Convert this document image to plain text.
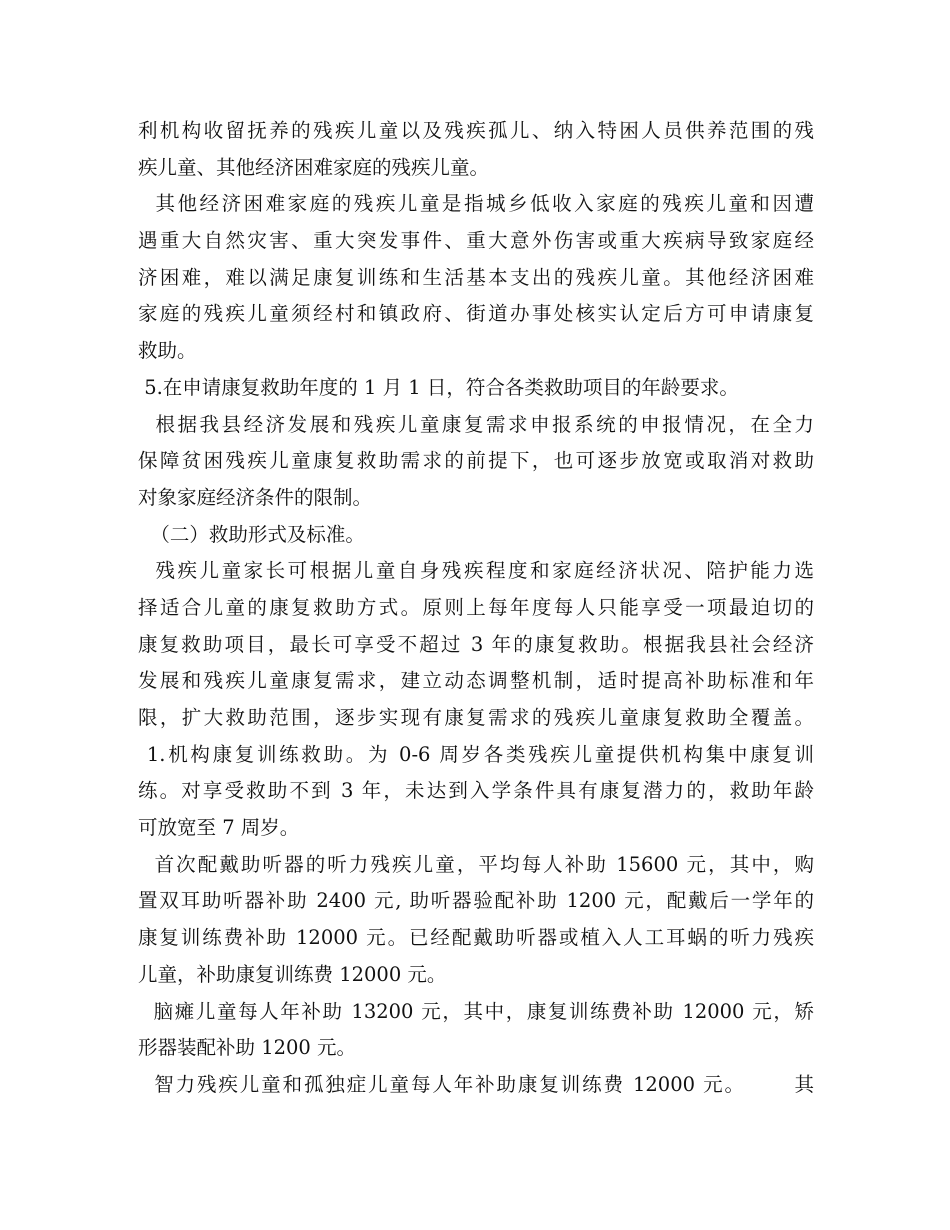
利机构收留抚养的残疾儿童以及残疾孤儿、纳入特困人员供养范围的残
疾儿童、其他经济困难家庭的残疾儿童。
其他经济困难家庭的残疾儿童是指城乡低收入家庭的残疾儿童和因遭
遇重大自然灾害、重大突发事件、重大意外伤害或重大疾病导致家庭经
济困难，难以满足康复训练和生活基本支出的残疾儿童。其他经济困难
家庭的残疾儿童须经村和镇政府、街道办事处核实认定后方可申请康复
救助。
5.在申请康复救助年度的 1 月 1 日，符合各类救助项目的年龄要求。
根据我县经济发展和残疾儿童康复需求申报系统的申报情况，在全力
保障贫困残疾儿童康复救助需求的前提下，也可逐步放宽或取消对救助
对象家庭经济条件的限制。
（二）救助形式及标准。
残疾儿童家长可根据儿童自身残疾程度和家庭经济状况、陪护能力选
择适合儿童的康复救助方式。原则上每年度每人只能享受一项最迫切的
康复救助项目，最长可享受不超过 3 年的康复救助。根据我县社会经济
发展和残疾儿童康复需求，建立动态调整机制，适时提高补助标准和年
限，扩大救助范围，逐步实现有康复需求的残疾儿童康复救助全覆盖。
1.机构康复训练救助。为 0-6 周岁各类残疾儿童提供机构集中康复训
练。对享受救助不到 3 年，未达到入学条件具有康复潜力的，救助年龄
可放宽至 7 周岁。
首次配戴助听器的听力残疾儿童，平均每人补助 15600 元，其中，购
置双耳助听器补助 2400 元, 助听器验配补助 1200 元，配戴后一学年的
康复训练费补助 12000 元。已经配戴助听器或植入人工耳蜗的听力残疾
儿童，补助康复训练费 12000 元。
脑瘫儿童每人年补助 13200 元，其中，康复训练费补助 12000 元，矫
形器装配补助 1200 元。
智力残疾儿童和孤独症儿童每人年补助康复训练费 12000 元。      其
